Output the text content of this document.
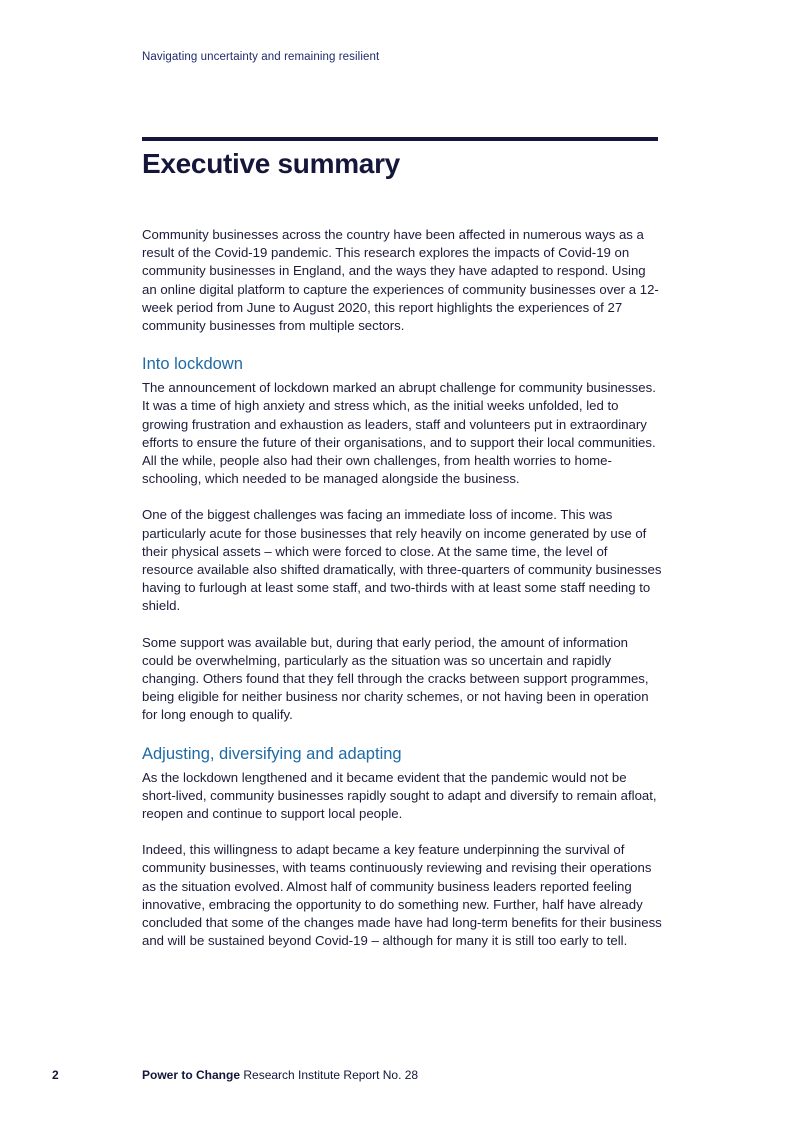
Navigating uncertainty and remaining resilient
Executive summary

Community businesses across the country have been affected in numerous ways as a result of the Covid-19 pandemic. This research explores the impacts of Covid-19 on community businesses in England, and the ways they have adapted to respond. Using an online digital platform to capture the experiences of community businesses over a 12-week period from June to August 2020, this report highlights the experiences of 27 community businesses from multiple sectors.

Into lockdown

The announcement of lockdown marked an abrupt challenge for community businesses. It was a time of high anxiety and stress which, as the initial weeks unfolded, led to growing frustration and exhaustion as leaders, staff and volunteers put in extraordinary efforts to ensure the future of their organisations, and to support their local communities. All the while, people also had their own challenges, from health worries to home-schooling, which needed to be managed alongside the business.

One of the biggest challenges was facing an immediate loss of income. This was particularly acute for those businesses that rely heavily on income generated by use of their physical assets – which were forced to close. At the same time, the level of resource available also shifted dramatically, with three-quarters of community businesses having to furlough at least some staff, and two-thirds with at least some staff needing to shield.

Some support was available but, during that early period, the amount of information could be overwhelming, particularly as the situation was so uncertain and rapidly changing. Others found that they fell through the cracks between support programmes, being eligible for neither business nor charity schemes, or not having been in operation for long enough to qualify.

Adjusting, diversifying and adapting

As the lockdown lengthened and it became evident that the pandemic would not be short-lived, community businesses rapidly sought to adapt and diversify to remain afloat, reopen and continue to support local people.

Indeed, this willingness to adapt became a key feature underpinning the survival of community businesses, with teams continuously reviewing and revising their operations as the situation evolved. Almost half of community business leaders reported feeling innovative, embracing the opportunity to do something new. Further, half have already concluded that some of the changes made have had long-term benefits for their business and will be sustained beyond Covid-19 – although for many it is still too early to tell.

2	Power to Change Research Institute Report No. 28
